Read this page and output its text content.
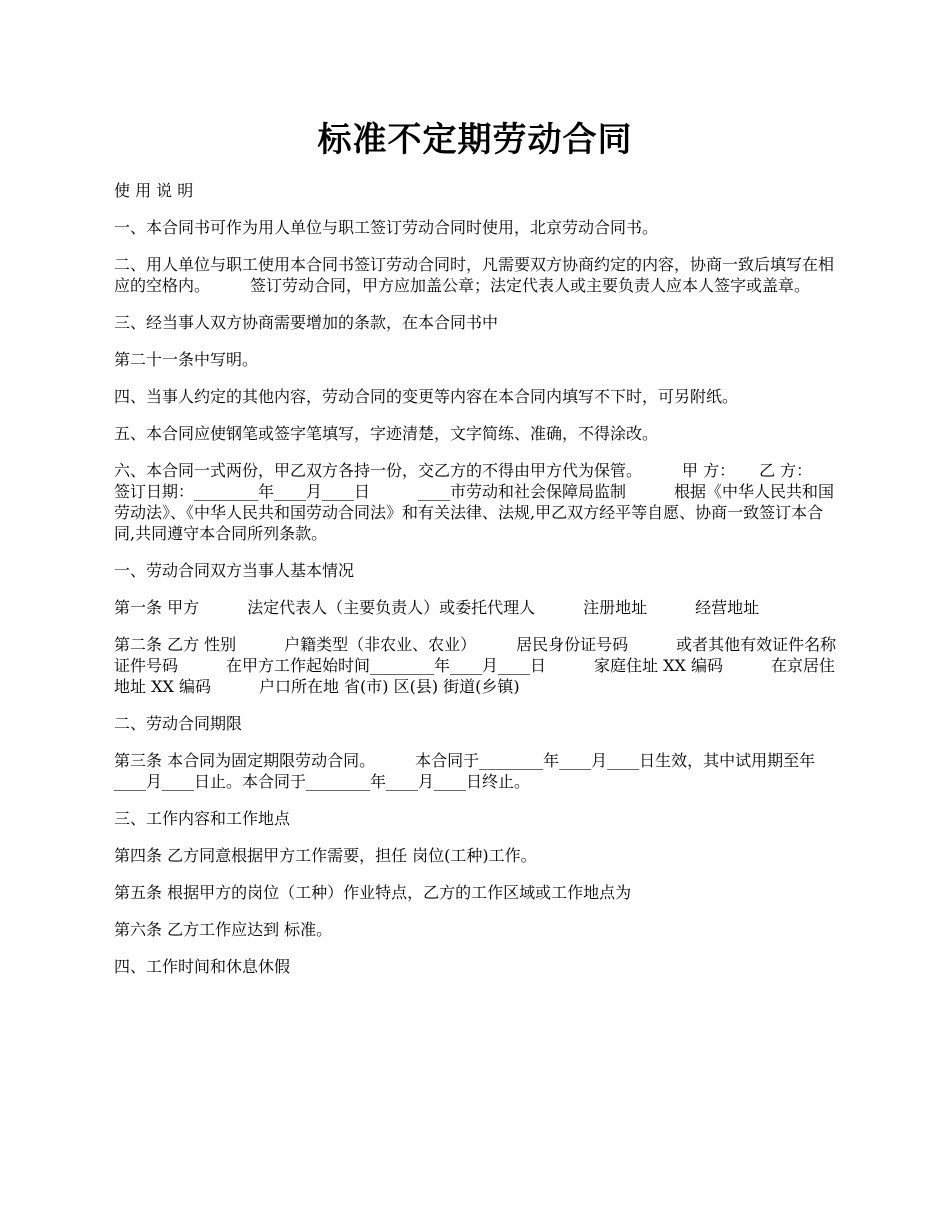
标准不定期劳动合同

使 用 说 明

一、本合同书可作为用人单位与职工签订劳动合同时使用，北京劳动合同书。

二、用人单位与职工使用本合同书签订劳动合同时，凡需要双方协商约定的内容，协商一致后填写在相应的空格内。　　　签订劳动合同，甲方应加盖公章；法定代表人或主要负责人应本人签字或盖章。

三、经当事人双方协商需要增加的条款，在本合同书中

第二十一条中写明。

四、当事人约定的其他内容，劳动合同的变更等内容在本合同内填写不下时，可另附纸。

五、本合同应使钢笔或签字笔填写，字迹清楚，文字简练、准确，不得涂改。

六、本合同一式两份，甲乙双方各持一份，交乙方的不得由甲方代为保管。　　　甲 方：　　乙 方：　　　签订日期：________年____月____日　　　____市劳动和社会保障局监制　　　根据《中华人民共和国劳动法》、《中华人民共和国劳动合同法》和有关法律、法规,甲乙双方经平等自愿、协商一致签订本合同,共同遵守本合同所列条款。

一、劳动合同双方当事人基本情况

第一条 甲方　　　法定代表人（主要负责人）或委托代理人　　　注册地址　　　经营地址

第二条 乙方 性别　　　户籍类型（非农业、农业）　　　居民身份证号码　　　或者其他有效证件名称 证件号码　　　在甲方工作起始时间________年____月____日　　　家庭住址 XX 编码　　　在京居住地址 XX 编码　　　户口所在地 省(市) 区(县) 街道(乡镇)

二、劳动合同期限

第三条 本合同为固定期限劳动合同。　　　本合同于________年____月____日生效，其中试用期至年____月____日止。本合同于________年____月____日终止。

三、工作内容和工作地点

第四条 乙方同意根据甲方工作需要，担任 岗位(工种)工作。

第五条 根据甲方的岗位（工种）作业特点，乙方的工作区域或工作地点为

第六条 乙方工作应达到 标准。

四、工作时间和休息休假
